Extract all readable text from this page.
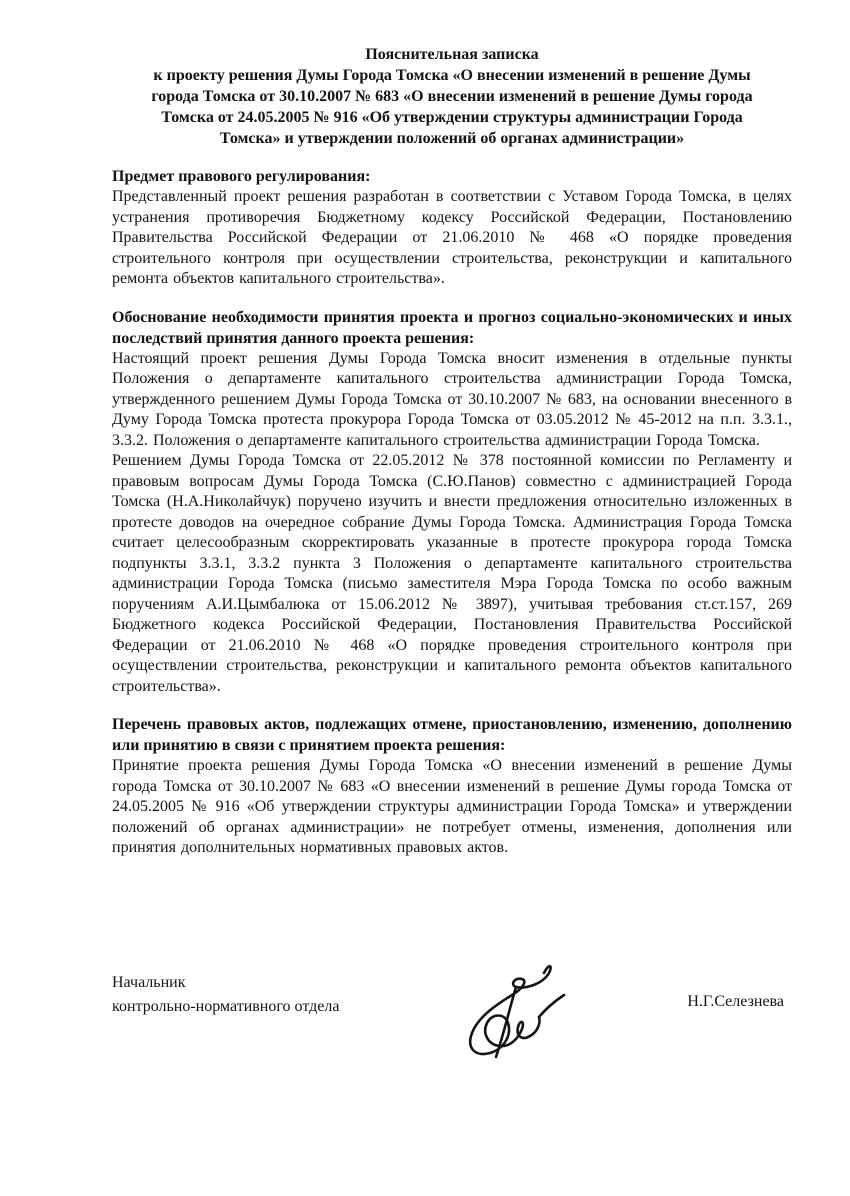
Пояснительная записка
к проекту решения Думы Города Томска «О внесении изменений в решение Думы
города Томска от 30.10.2007 № 683 «О внесении изменений в решение Думы города
Томска от 24.05.2005 № 916 «Об утверждении структуры администрации Города
Томска» и утверждении положений об органах администрации»
Предмет правового регулирования:

Представленный проект решения разработан в соответствии с Уставом Города Томска, в целях устранения противоречия Бюджетному кодексу Российской Федерации, Постановлению Правительства Российской Федерации от 21.06.2010 № 468 «О порядке проведения строительного контроля при осуществлении строительства, реконструкции и капитального ремонта объектов капитального строительства».

Обоснование необходимости принятия проекта и прогноз социально-экономических и иных последствий принятия данного проекта решения:

Настоящий проект решения Думы Города Томска вносит изменения в отдельные пункты Положения о департаменте капитального строительства администрации Города Томска, утвержденного решением Думы Города Томска от 30.10.2007 № 683, на основании внесенного в Думу Города Томска протеста прокурора Города Томска от 03.05.2012 № 45-2012 на п.п. 3.3.1., 3.3.2. Положения о департаменте капитального строительства администрации Города Томска.

Решением Думы Города Томска от 22.05.2012 № 378 постоянной комиссии по Регламенту и правовым вопросам Думы Города Томска (С.Ю.Панов) совместно с администрацией Города Томска (Н.А.Николайчук) поручено изучить и внести предложения относительно изложенных в протесте доводов на очередное собрание Думы Города Томска. Администрация Города Томска считает целесообразным скорректировать указанные в протесте прокурора города Томска подпункты 3.3.1, 3.3.2 пункта 3 Положения о департаменте капитального строительства администрации Города Томска (письмо заместителя Мэра Города Томска по особо важным поручениям А.И.Цымбалюка от 15.06.2012 № 3897), учитывая требования ст.ст.157, 269 Бюджетного кодекса Российской Федерации, Постановления Правительства Российской Федерации от 21.06.2010 № 468 «О порядке проведения строительного контроля при осуществлении строительства, реконструкции и капитального ремонта объектов капитального строительства».

Перечень правовых актов, подлежащих отмене, приостановлению, изменению, дополнению или принятию в связи с принятием проекта решения:

Принятие проекта решения Думы Города Томска «О внесении изменений в решение Думы города Томска от 30.10.2007 № 683 «О внесении изменений в решение Думы города Томска от 24.05.2005 № 916 «Об утверждении структуры администрации Города Томска» и утверждении положений об органах администрации» не потребует отмены, изменения, дополнения или принятия дополнительных нормативных правовых актов.

Начальник
контрольно-нормативного отдела	Н.Г.Селезнева
